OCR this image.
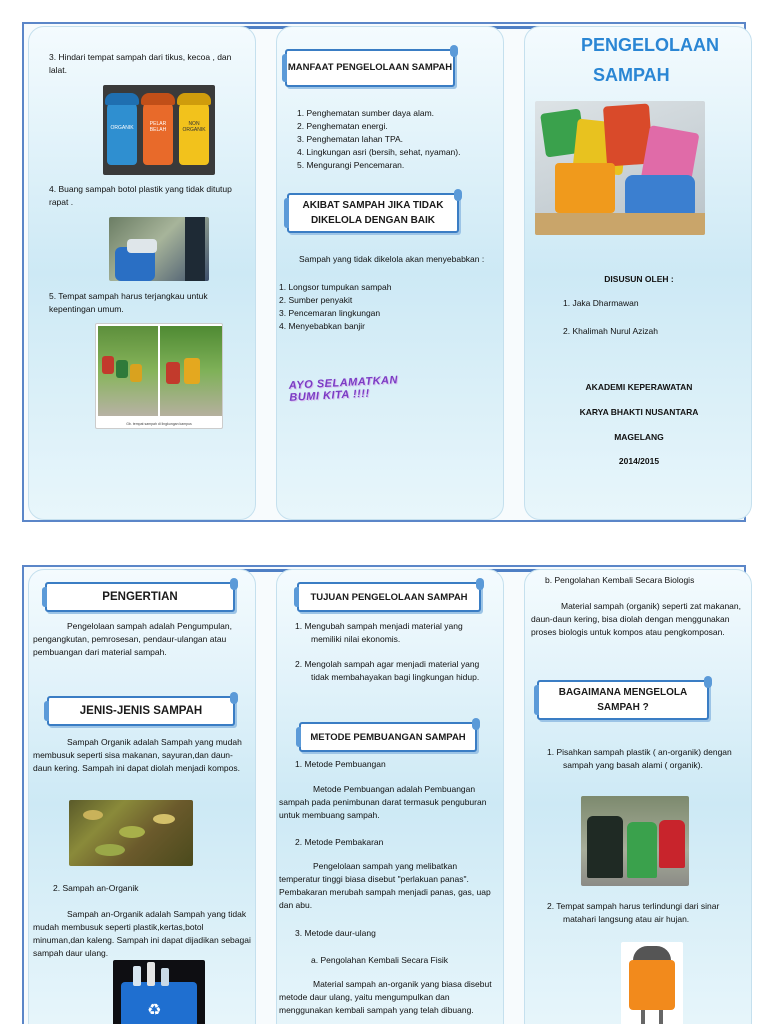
3. Hindari tempat sampah dari tikus, kecoa , dan lalat.
ORGANIK
PELAR BELAH
NON ORGANIK
4. Buang sampah botol plastik yang tidak ditutup rapat .
5. Tempat sampah harus terjangkau untuk kepentingan umum.
Gb. tempat sampah di lingkungan kampus
MANFAAT PENGELOLAAN SAMPAH
1. Penghematan sumber daya alam.
2. Penghematan energi.
3. Penghematan lahan TPA.
4. Lingkungan asri (bersih, sehat, nyaman).
5. Mengurangi Pencemaran.
AKIBAT SAMPAH JIKA TIDAK DIKELOLA DENGAN BAIK
Sampah yang tidak dikelola akan menyebabkan :
1. Longsor tumpukan sampah
2. Sumber penyakit
3. Pencemaran lingkungan
4. Menyebabkan banjir
AYO SELAMATKAN
BUMI KITA !!!!
PENGELOLAAN
SAMPAH
DISUSUN OLEH :
1. Jaka Dharmawan
2. Khalimah Nurul Azizah
AKADEMI KEPERAWATAN
KARYA BHAKTI NUSANTARA
MAGELANG
2014/2015
PENGERTIAN
Pengelolaan sampah adalah Pengumpulan, pengangkutan, pemrosesan, pendaur-ulangan atau pembuangan dari material sampah.
JENIS-JENIS SAMPAH
Sampah Organik adalah Sampah yang mudah membusuk seperti sisa makanan, sayuran,dan daun-daun kering. Sampah ini dapat diolah menjadi kompos.
2. Sampah an-Organik
Sampah an-Organik adalah Sampah yang tidak mudah membusuk seperti plastik,kertas,botol minuman,dan kaleng. Sampah ini dapat dijadikan sebagai sampah daur ulang.
♻
TUJUAN PENGELOLAAN SAMPAH
1. Mengubah sampah menjadi material yang memiliki nilai ekonomis.
2. Mengolah sampah agar menjadi material yang tidak membahayakan bagi lingkungan hidup.
METODE PEMBUANGAN SAMPAH
1. Metode Pembuangan
Metode Pembuangan adalah Pembuangan sampah pada penimbunan darat termasuk penguburan untuk membuang sampah.
2. Metode Pembakaran
Pengelolaan sampah yang melibatkan temperatur tinggi biasa disebut "perlakuan panas". Pembakaran merubah sampah menjadi panas, gas, uap dan abu.
3. Metode daur-ulang
a. Pengolahan Kembali Secara Fisik
Material sampah an-organik yang biasa disebut metode daur ulang, yaitu mengumpulkan dan menggunakan kembali sampah yang telah dibuang.
b. Pengolahan Kembali Secara Biologis
Material sampah (organik) seperti zat makanan, daun-daun kering, bisa diolah dengan menggunakan proses biologis untuk kompos atau pengkomposan.
BAGAIMANA MENGELOLA SAMPAH ?
1. Pisahkan sampah plastik ( an-organik) dengan sampah yang basah alami ( organik).
2. Tempat sampah harus terlindungi dari sinar matahari langsung atau air hujan.
